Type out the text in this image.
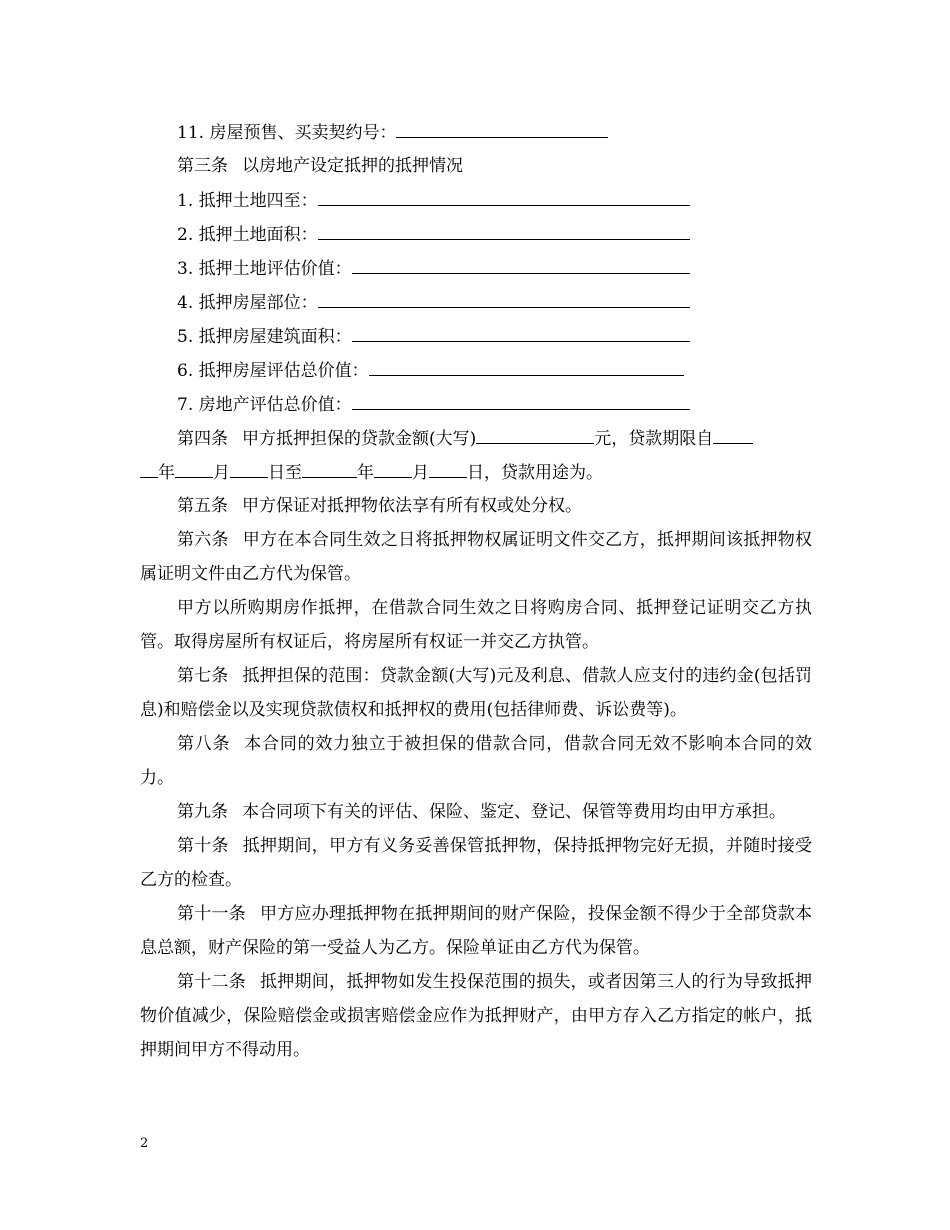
11. 房屋预售、买卖契约号：
第三条 以房地产设定抵押的抵押情况
1. 抵押土地四至：
2. 抵押土地面积：
3. 抵押土地评估价值：
4. 抵押房屋部位：
5. 抵押房屋建筑面积：
6. 抵押房屋评估总价值：
7. 房地产评估总价值：
第四条 甲方抵押担保的贷款金额(大写)	元，贷款期限自
年 月 日至	年 月 日，贷款用途为。

第五条 甲方保证对抵押物依法享有所有权或处分权。

第六条 甲方在本合同生效之日将抵押物权属证明文件交乙方，抵押期间该抵押物权属证明文件由乙方代为保管。

甲方以所购期房作抵押，在借款合同生效之日将购房合同、抵押登记证明交乙方执管。取得房屋所有权证后，将房屋所有权证一并交乙方执管。

第七条 抵押担保的范围：贷款金额(大写)元及利息、借款人应支付的违约金(包括罚息)和赔偿金以及实现贷款债权和抵押权的费用(包括律师费、诉讼费等)。

第八条 本合同的效力独立于被担保的借款合同，借款合同无效不影响本合同的效力。

第九条 本合同项下有关的评估、保险、鉴定、登记、保管等费用均由甲方承担。

第十条 抵押期间，甲方有义务妥善保管抵押物，保持抵押物完好无损，并随时接受乙方的检查。

第十一条 甲方应办理抵押物在抵押期间的财产保险，投保金额不得少于全部贷款本息总额，财产保险的第一受益人为乙方。保险单证由乙方代为保管。

第十二条 抵押期间，抵押物如发生投保范围的损失，或者因第三人的行为导致抵押物价值减少，保险赔偿金或损害赔偿金应作为抵押财产，由甲方存入乙方指定的帐户，抵押期间甲方不得动用。

2
